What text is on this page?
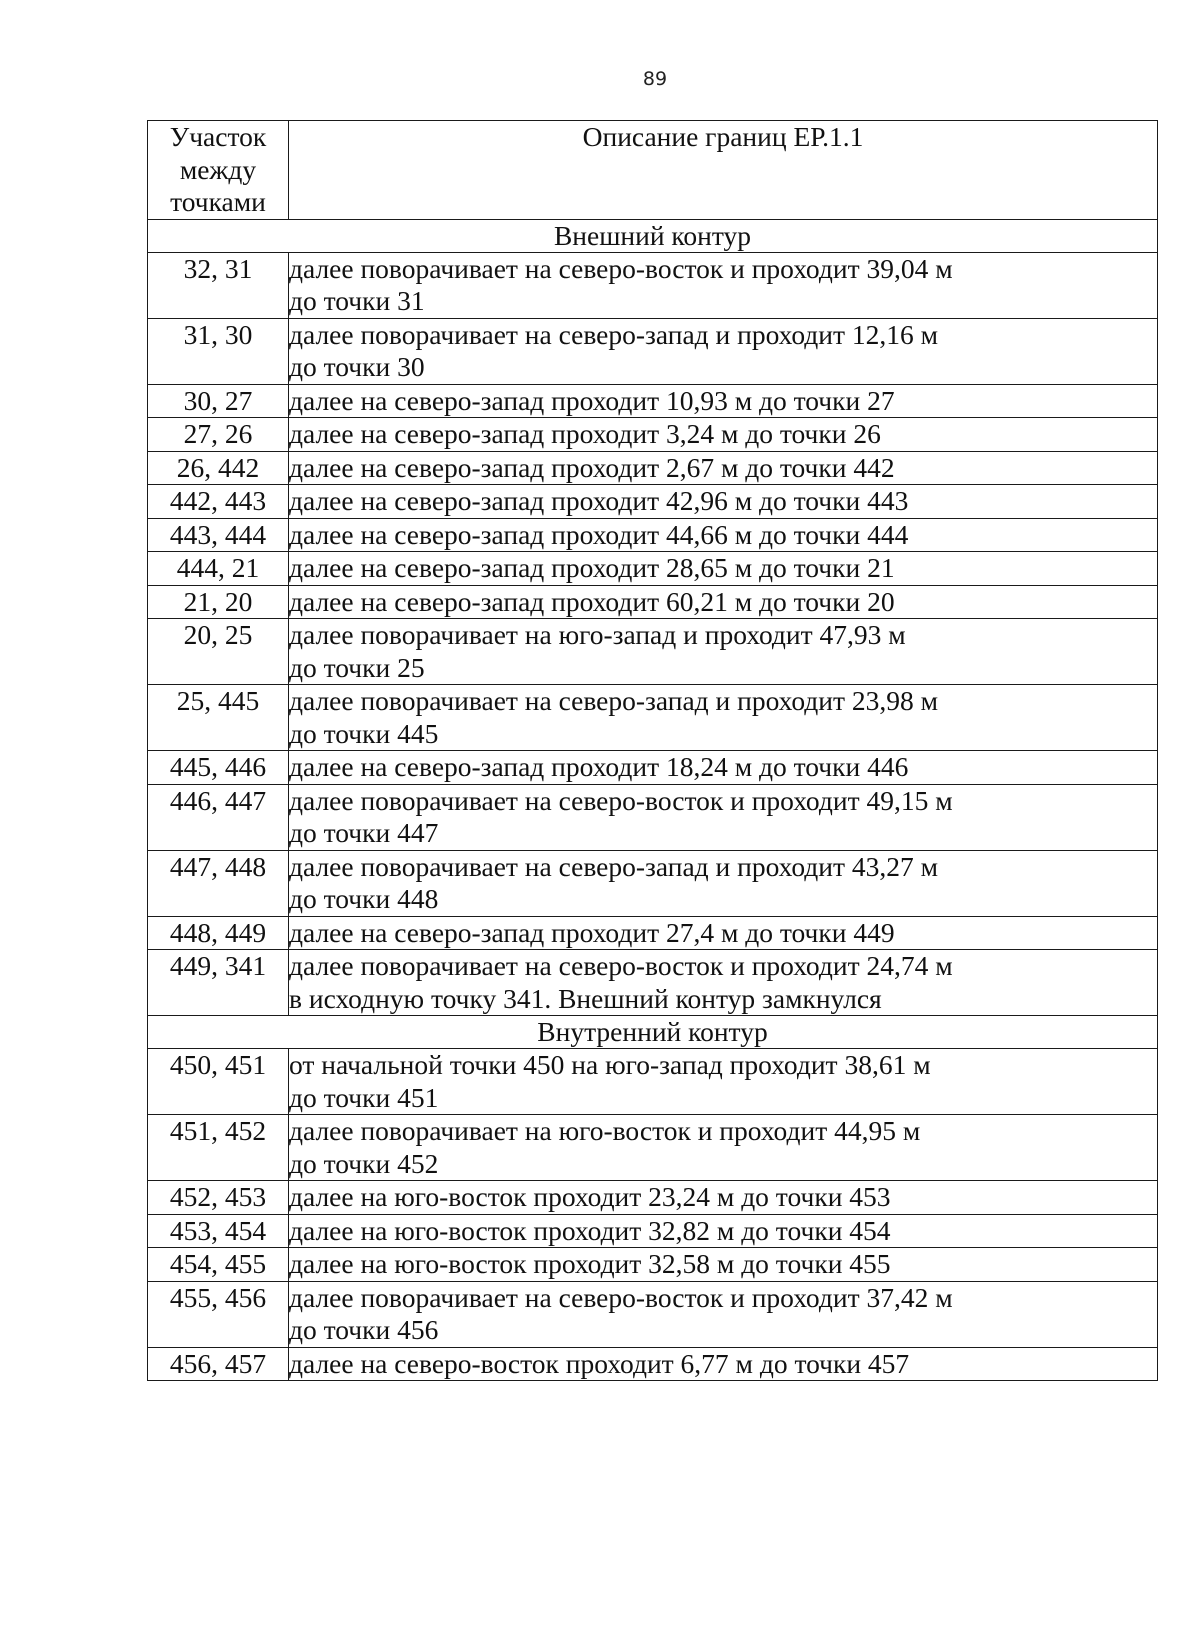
89
Участок
между
точками	Описание границ ЕР.1.1
Внешний контур	
32, 31	далее поворачивает на северо-восток и проходит 39,04 м
до точки 31

31, 30	далее поворачивает на северо-запад и проходит 12,16 м
до точки 30

30, 27	далее на северо-запад проходит 10,93 м до точки 27

27, 26	далее на северо-запад проходит 3,24 м до точки 26

26, 442	далее на северо-запад проходит 2,67 м до точки 442

442, 443	далее на северо-запад проходит 42,96 м до точки 443

443, 444	далее на северо-запад проходит 44,66 м до точки 444

444, 21	далее на северо-запад проходит 28,65 м до точки 21

21, 20	далее на северо-запад проходит 60,21 м до точки 20

20, 25	далее поворачивает на юго-запад и проходит 47,93 м
до точки 25

25, 445	далее поворачивает на северо-запад и проходит 23,98 м
до точки 445

445, 446	далее на северо-запад проходит 18,24 м до точки 446

446, 447	далее поворачивает на северо-восток и проходит 49,15 м
до точки 447

447, 448	далее поворачивает на северо-запад и проходит 43,27 м
до точки 448

448, 449	далее на северо-запад проходит 27,4 м до точки 449

449, 341	далее поворачивает на северо-восток и проходит 24,74 м
в исходную точку 341. Внешний контур замкнулся

Внутренний контур	
450, 451	от начальной точки 450 на юго-запад проходит 38,61 м
до точки 451

451, 452	далее поворачивает на юго-восток и проходит 44,95 м
до точки 452

452, 453	далее на юго-восток проходит 23,24 м до точки 453

453, 454	далее на юго-восток проходит 32,82 м до точки 454

454, 455	далее на юго-восток проходит 32,58 м до точки 455

455, 456	далее поворачивает на северо-восток и проходит 37,42 м
до точки 456

456, 457	далее на северо-восток проходит 6,77 м до точки 457
